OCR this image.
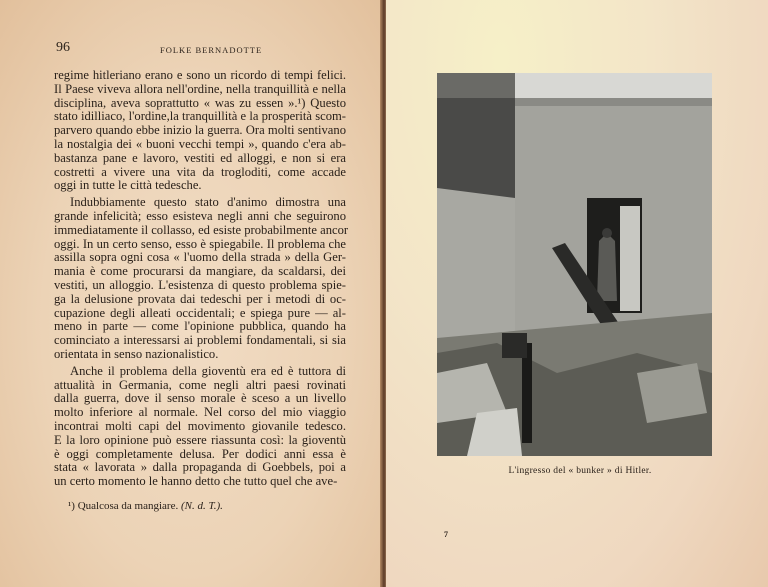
96	FOLKE BERNADOTTE
regime hitleriano erano e sono un ricordo di tempi felici.
Il Paese viveva allora nell'ordine, nella tranquillità e nella
disciplina, aveva soprattutto « was zu essen ».¹) Questo
stato idilliaco, l'ordine,la tranquillità e la prosperità scom-
parvero quando ebbe inizio la guerra. Ora molti sentivano
la nostalgia dei « buoni vecchi tempi », quando c'era ab-
bastanza pane e lavoro, vestiti ed alloggi, e non si era
costretti a vivere una vita da trogloditi, come accade
oggi in tutte le città tedesche.
Indubbiamente questo stato d'animo dimostra una
grande infelicità; esso esisteva negli anni che seguirono
immediatamente il collasso, ed esiste probabilmente ancor
oggi. In un certo senso, esso è spiegabile. Il problema che
assilla sopra ogni cosa « l'uomo della strada » della Ger-
mania è come procurarsi da mangiare, da scaldarsi, dei
vestiti, un alloggio. L'esistenza di questo problema spie-
ga la delusione provata dai tedeschi per i metodi di oc-
cupazione degli alleati occidentali; e spiega pure — al-
meno in parte — come l'opinione pubblica, quando ha
cominciato a interessarsi ai problemi fondamentali, si sia
orientata in senso nazionalistico.
Anche il problema della gioventù era ed è tuttora di
attualità in Germania, come negli altri paesi rovinati
dalla guerra, dove il senso morale è sceso a un livello
molto inferiore al normale. Nel corso del mio viaggio
incontrai molti capi del movimento giovanile tedesco.
E la loro opinione può essere riassunta così: la gioventù
è oggi completamente delusa. Per dodici anni essa è
stata « lavorata » dalla propaganda di Goebbels, poi a
un certo momento le hanno detto che tutto quel che ave-
¹) Qualcosa da mangiare. (N. d. T.).
L'ingresso del « bunker » di Hitler.
7
